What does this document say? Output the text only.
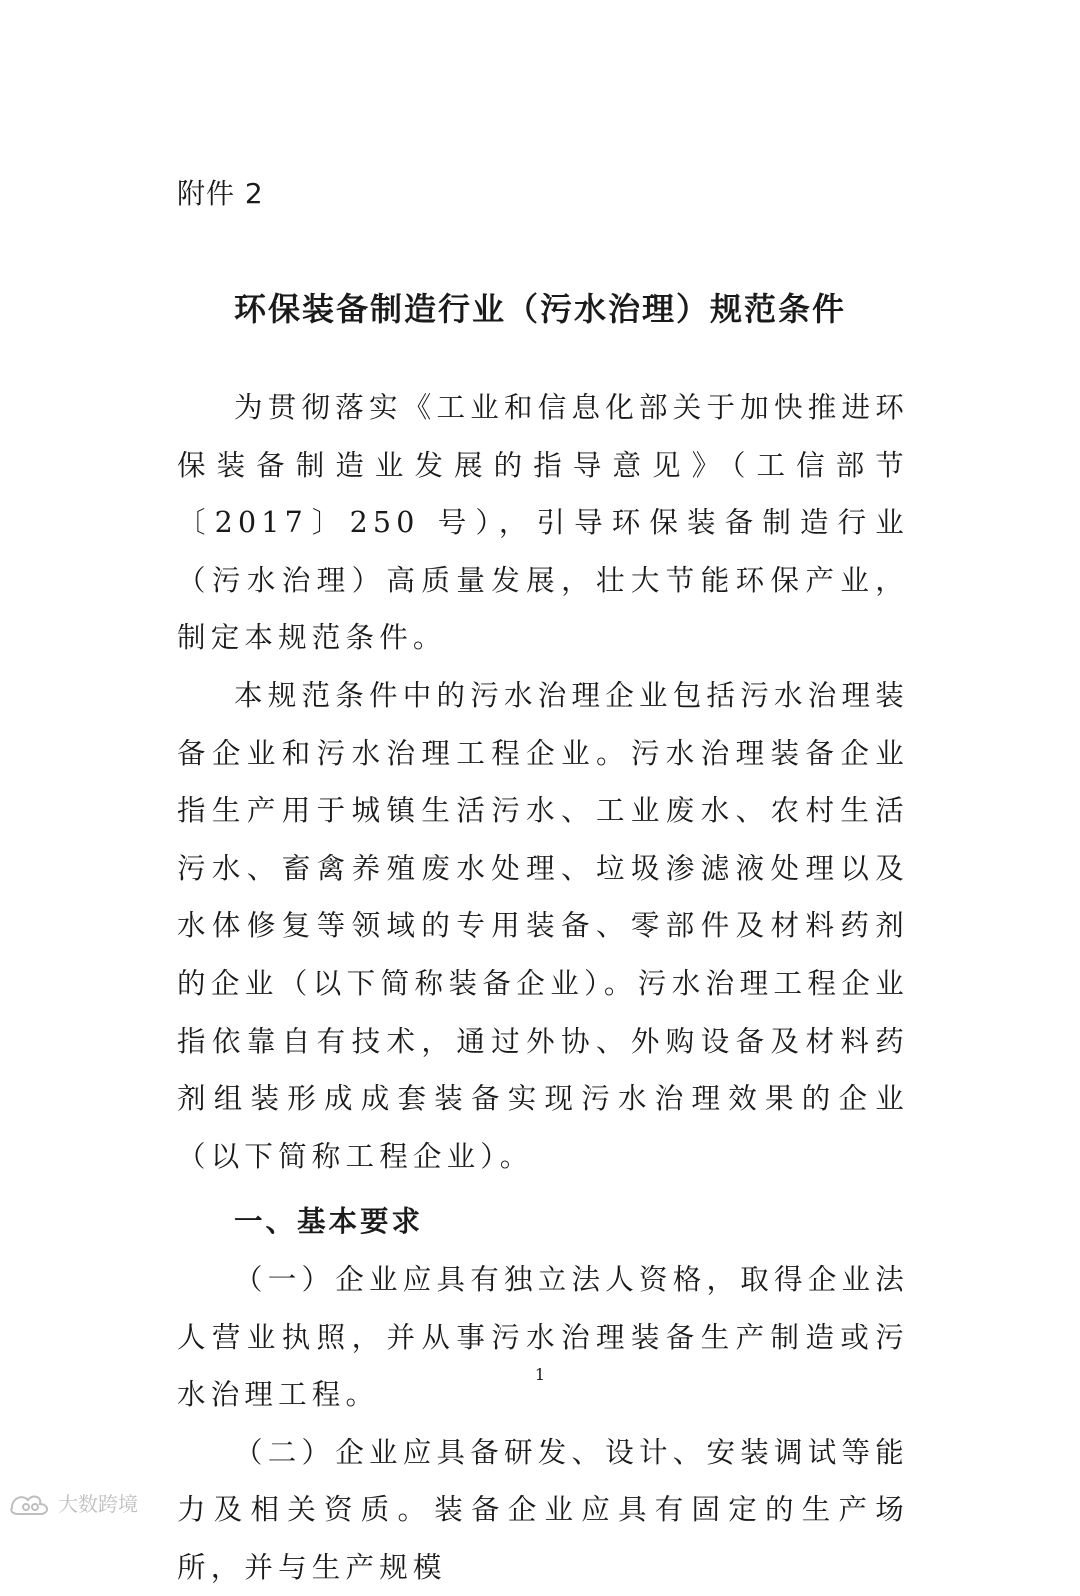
附件 2
环保装备制造行业（污水治理）规范条件

为贯彻落实《工业和信息化部关于加快推进环保装备制造业发展的指导意见》（工信部节〔2017〕250 号），引导环保装备制造行业（污水治理）高质量发展，壮大节能环保产业，制定本规范条件。

本规范条件中的污水治理企业包括污水治理装备企业和污水治理工程企业。污水治理装备企业指生产用于城镇生活污水、工业废水、农村生活污水、畜禽养殖废水处理、垃圾渗滤液处理以及水体修复等领域的专用装备、零部件及材料药剂的企业（以下简称装备企业）。污水治理工程企业指依靠自有技术，通过外协、外购设备及材料药剂组装形成成套装备实现污水治理效果的企业（以下简称工程企业）。

一、基本要求

（一）企业应具有独立法人资格，取得企业法人营业执照，并从事污水治理装备生产制造或污水治理工程。

（二）企业应具备研发、设计、安装调试等能力及相关资质。装备企业应具有固定的生产场所，并与生产规模

1
大数跨境
